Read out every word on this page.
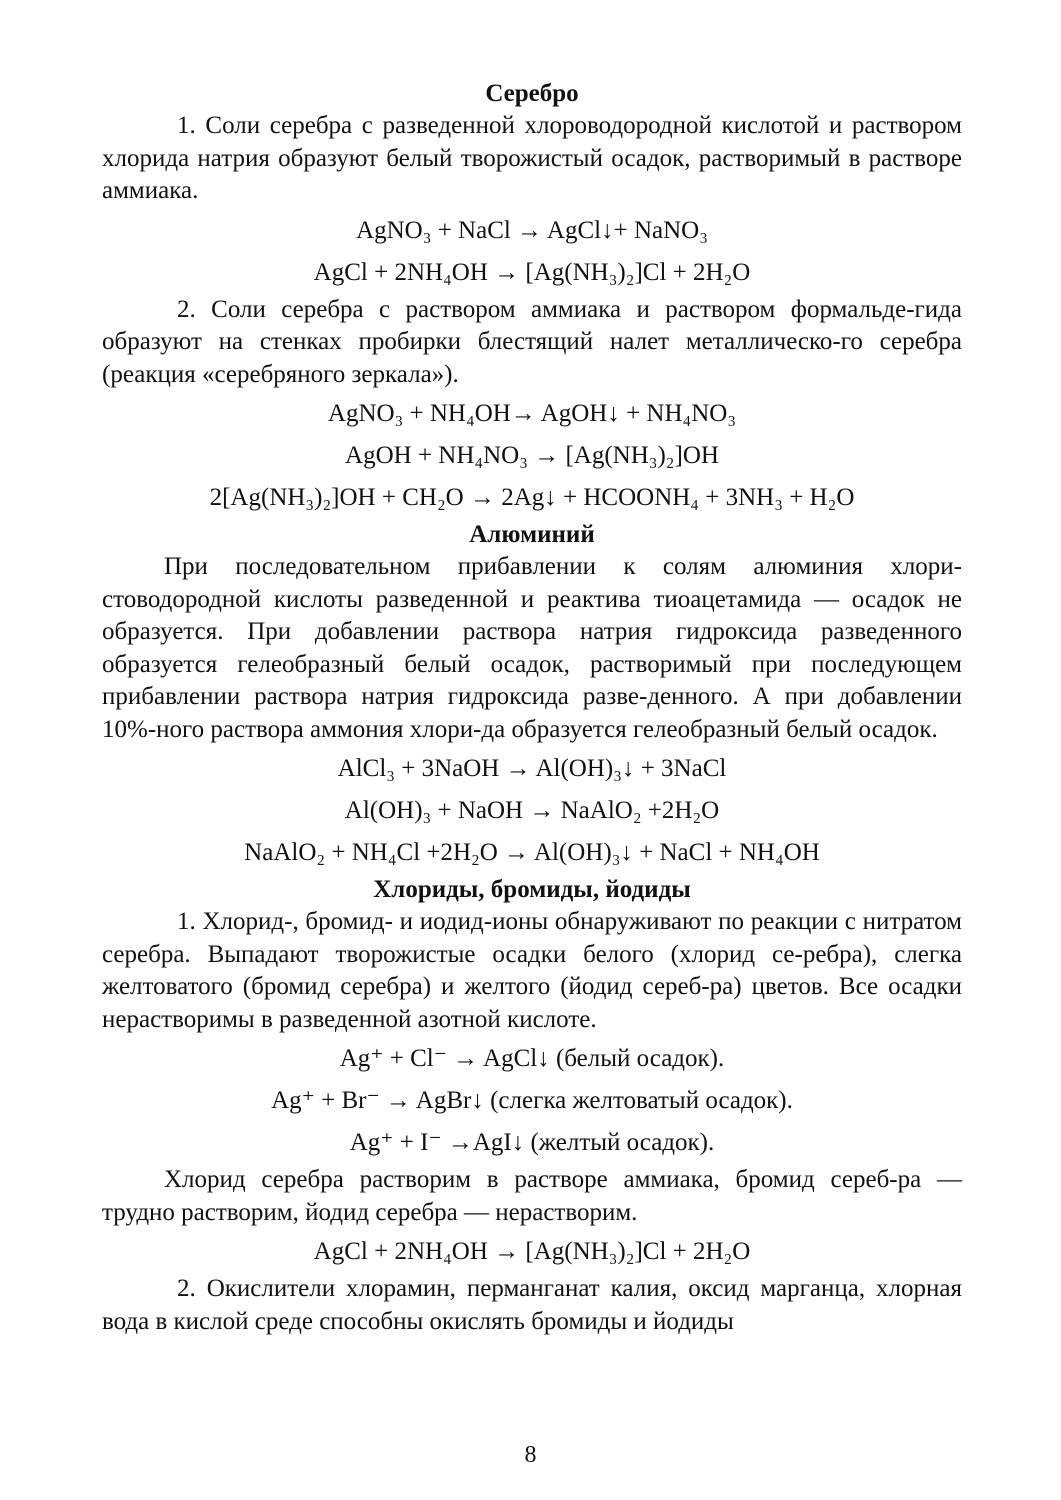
Серебро

1. Соли серебра с разведенной хлороводородной кислотой и раствором хлорида натрия образуют белый творожистый осадок, растворимый в растворе аммиака.

AgNO₃ + NaCl → AgCl↓+ NaNO₃

AgCl + 2NH₄OH → [Ag(NH₃)₂]Cl + 2H₂O

2. Соли серебра с раствором аммиака и раствором формальде-гида образуют на стенках пробирки блестящий налет металлическо-го серебра (реакция «серебряного зеркала»).

AgNO₃ + NH₄OH→ AgOH↓ + NH₄NO₃

AgOH + NH₄NO₃ → [Ag(NH₃)₂]OH

2[Ag(NH₃)₂]OH + CH₂O → 2Ag↓ + HCOONH₄ + 3NH₃ + H₂O

Алюминий

При последовательном прибавлении к солям алюминия хлори-стоводородной кислоты разведенной и реактива тиоацетамида — осадок не образуется. При добавлении раствора натрия гидроксида разведенного образуется гелеобразный белый осадок, растворимый при последующем прибавлении раствора натрия гидроксида разве-денного. А при добавлении 10%-ного раствора аммония хлори-да образуется гелеобразный белый осадок.

AlCl₃ + 3NaOH → Al(OH)₃↓ + 3NaCl

Al(OH)₃ + NaOH → NaAlO₂ +2H₂O

NaAlO₂ + NH₄Cl +2H₂O → Al(OH)₃↓ + NaCl + NH₄OH

Хлориды, бромиды, йодиды

1. Хлорид-, бромид- и иодид-ионы обнаруживают по реакции с нитратом серебра. Выпадают творожистые осадки белого (хлорид се-ребра), слегка желтоватого (бромид серебра) и желтого (йодид сереб-ра) цветов. Все осадки нерастворимы в разведенной азотной кислоте.

Ag⁺ + Cl⁻ → AgCl↓ (белый осадок).

Ag⁺ + Br⁻ → AgBr↓ (слегка желтоватый осадок).

Ag⁺ + I⁻ →AgI↓ (желтый осадок).

Хлорид серебра растворим в растворе аммиака, бромид сереб-ра — трудно растворим, йодид серебра — нерастворим.

AgCl + 2NH₄OH → [Ag(NH₃)₂]Cl + 2H₂O

2. Окислители хлорамин, перманганат калия, оксид марганца, хлорная вода в кислой среде способны окислять бромиды и йодиды

8
